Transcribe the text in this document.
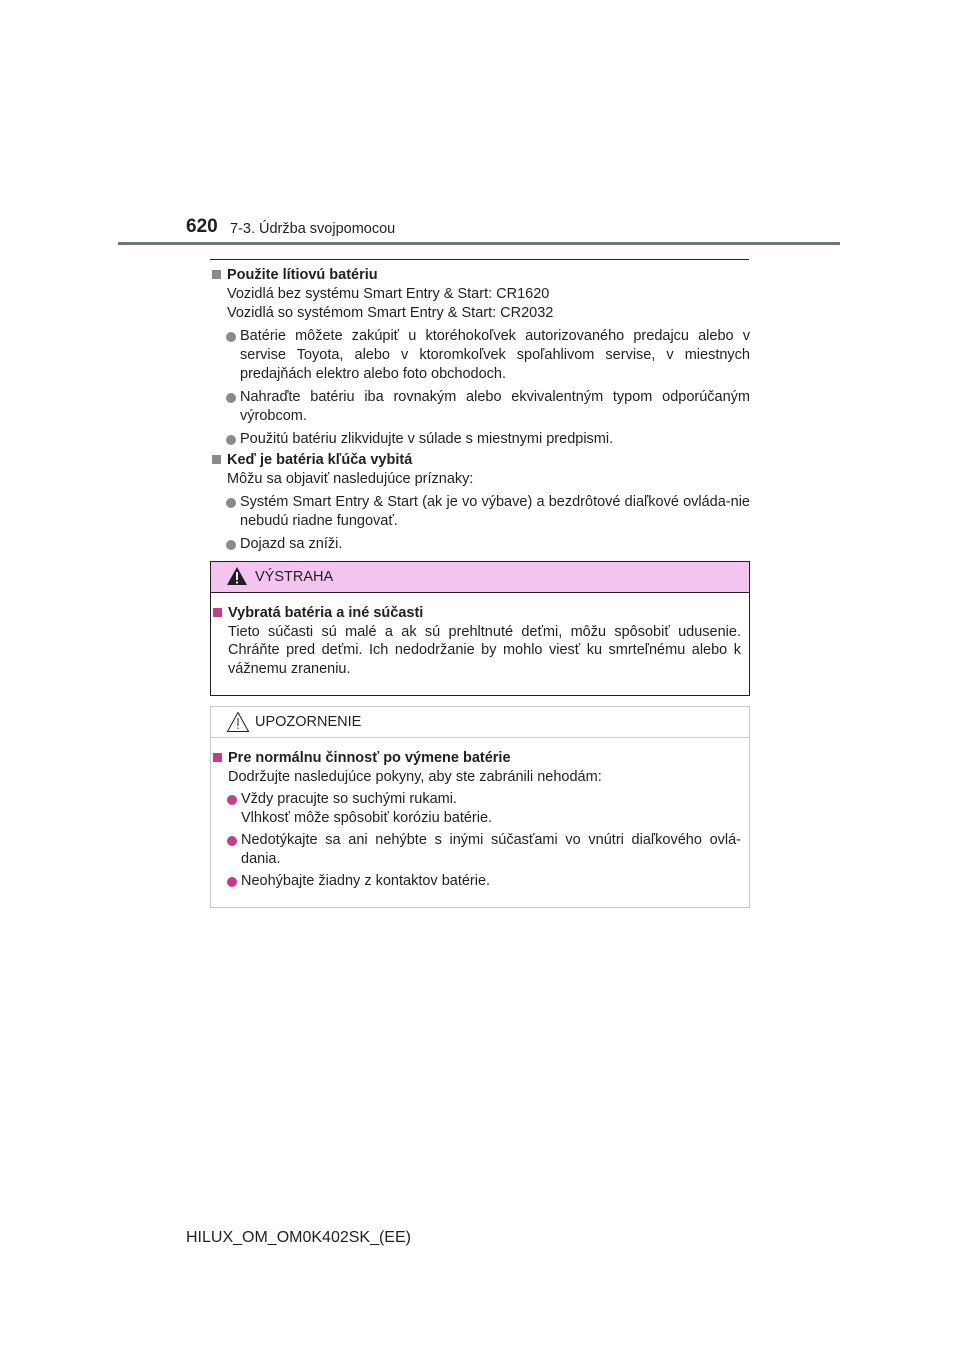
620 7-3. Údržba svojpomocou
Použite lítiovú batériu
Vozidlá bez systému Smart Entry & Start: CR1620
Vozidlá so systémom Smart Entry & Start: CR2032
Batérie môžete zakúpiť u ktoréhokoľvek autorizovaného predajcu alebo v servise Toyota, alebo v ktoromkoľvek spoľahlivom servise, v miestnych predajňách elektro alebo foto obchodoch.
Nahraďte batériu iba rovnakým alebo ekvivalentným typom odporúčaným výrobcom.
Použitú batériu zlikvidujte v súlade s miestnymi predpismi.
Keď je batéria kľúča vybitá
Môžu sa objaviť nasledujúce príznaky:
Systém Smart Entry & Start (ak je vo výbave) a bezdrôtové diaľkové ovláda-nie nebudú riadne fungovať.
Dojazd sa zníži.
VÝSTRAHA
Vybratá batéria a iné súčasti
Tieto súčasti sú malé a ak sú prehltnuté deťmi, môžu spôsobiť udusenie. Chráňte pred deťmi. Ich nedodržanie by mohlo viesť ku smrteľnému alebo k vážnemu zraneniu.
UPOZORNENIE
Pre normálnu činnosť po výmene batérie
Dodržujte nasledujúce pokyny, aby ste zabránili nehodám:
Vždy pracujte so suchými rukami.
Vlhkosť môže spôsobiť koróziu batérie.
Nedotýkajte sa ani nehýbte s inými súčasťami vo vnútri diaľkového ovlá-dania.
Neohýbajte žiadny z kontaktov batérie.
HILUX_OM_OM0K402SK_(EE)
